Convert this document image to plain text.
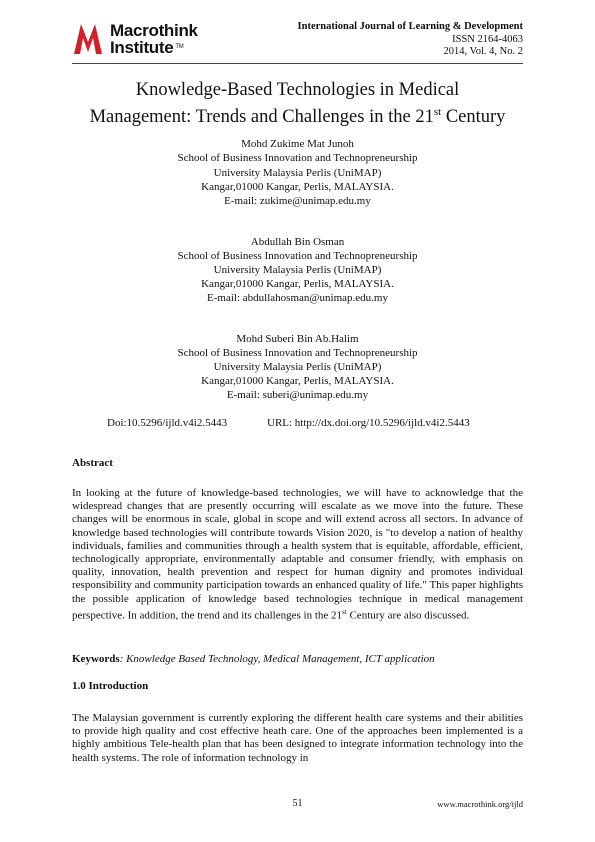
Macrothink
Institute ™
International Journal of Learning & Development
ISSN 2164-4063
2014, Vol. 4, No. 2
Knowledge-Based Technologies in Medical
Management: Trends and Challenges in the 21st Century
Mohd Zukime Mat Junoh
School of Business Innovation and Technopreneurship
University Malaysia Perlis (UniMAP)
Kangar,01000 Kangar, Perlis, MALAYSIA.
E-mail: zukime@unimap.edu.my
Abdullah Bin Osman
School of Business Innovation and Technopreneurship
University Malaysia Perlis (UniMAP)
Kangar,01000 Kangar, Perlis, MALAYSIA.
E-mail: abdullahosman@unimap.edu.my
Mohd Suberi Bin Ab.Halim
School of Business Innovation and Technopreneurship
University Malaysia Perlis (UniMAP)
Kangar,01000 Kangar, Perlis, MALAYSIA.
E-mail: suberi@unimap.edu.my
Doi:10.5296/ijld.v4i2.5443	URL: http://dx.doi.org/10.5296/ijld.v4i2.5443
Abstract
In looking at the future of knowledge-based technologies, we will have to acknowledge that the widespread changes that are presently occurring will escalate as we move into the future. These changes will be enormous in scale, global in scope and will extend across all sectors. In advance of knowledge based technologies will contribute towards Vision 2020, is "to develop a nation of healthy individuals, families and communities through a health system that is equitable, affordable, efficient, technologically appropriate, environmentally adaptable and consumer friendly, with emphasis on quality, innovation, health prevention and respect for human dignity and promotes individual responsibility and community participation towards an enhanced quality of life." This paper highlights the possible application of knowledge based technologies technique in medical management perspective. In addition, the trend and its challenges in the 21st Century are also discussed.
Keywords: Knowledge Based Technology, Medical Management, ICT application
1.0 Introduction
The Malaysian government is currently exploring the different health care systems and their abilities to provide high quality and cost effective heath care. One of the approaches been implemented is a highly ambitious Tele-health plan that has been designed to integrate information technology into the health systems. The role of information technology in
51	www.macrothink.org/ijld
